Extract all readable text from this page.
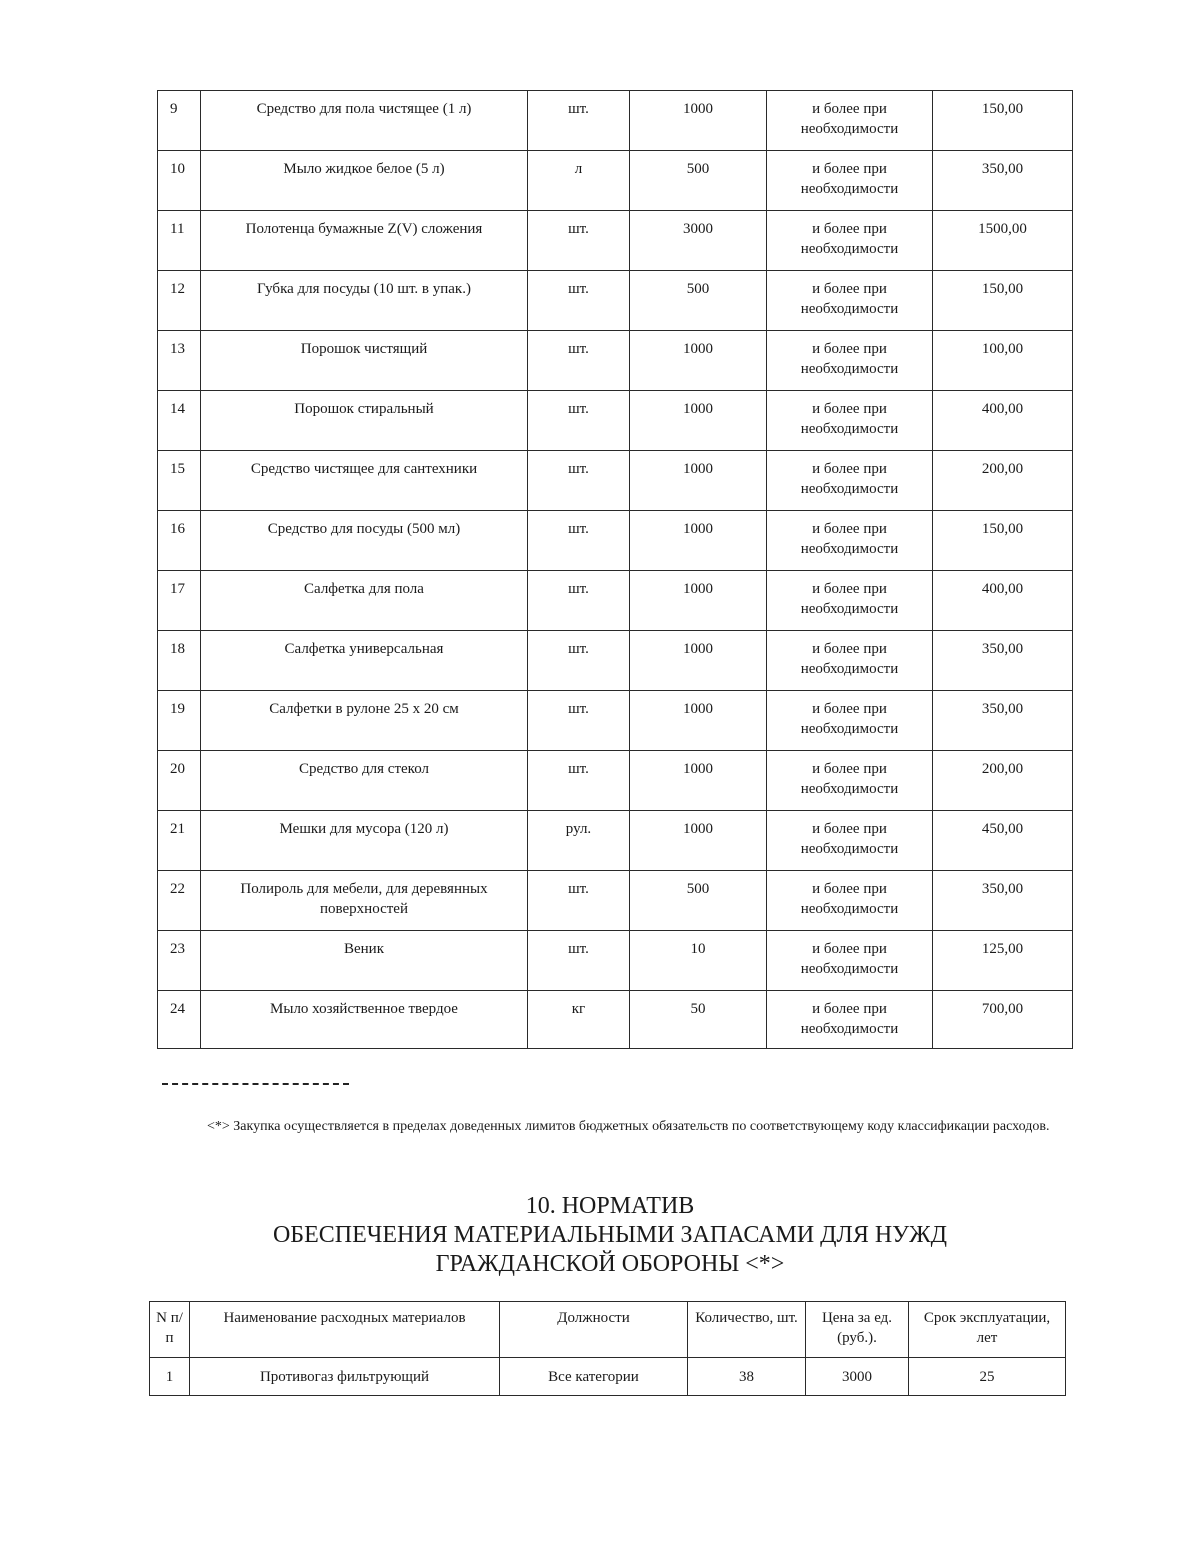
9	Средство для пола чистящее (1 л)	шт.	1000	и более при необходимости	150,00
10	Мыло жидкое белое (5 л)	л	500	и более при необходимости	350,00
11	Полотенца бумажные Z(V) сложения	шт.	3000	и более при необходимости	1500,00
12	Губка для посуды (10 шт. в упак.)	шт.	500	и более при необходимости	150,00
13	Порошок чистящий	шт.	1000	и более при необходимости	100,00
14	Порошок стиральный	шт.	1000	и более при необходимости	400,00
15	Средство чистящее для сантехники	шт.	1000	и более при необходимости	200,00
16	Средство для посуды (500 мл)	шт.	1000	и более при необходимости	150,00
17	Салфетка для пола	шт.	1000	и более при необходимости	400,00
18	Салфетка универсальная	шт.	1000	и более при необходимости	350,00
19	Салфетки в рулоне 25 х 20 см	шт.	1000	и более при необходимости	350,00
20	Средство для стекол	шт.	1000	и более при необходимости	200,00
21	Мешки для мусора (120 л)	рул.	1000	и более при необходимости	450,00
22	Полироль для мебели, для деревянных поверхностей	шт.	500	и более при необходимости	350,00
23	Веник	шт.	10	и более при необходимости	125,00
24	Мыло хозяйственное твердое	кг	50	и более при необходимости	700,00
<*> Закупка осуществляется в пределах доведенных лимитов бюджетных обязательств по соответствующему коду классификации расходов.
10. НОРМАТИВ
ОБЕСПЕЧЕНИЯ МАТЕРИАЛЬНЫМИ ЗАПАСАМИ ДЛЯ НУЖД
ГРАЖДАНСКОЙ ОБОРОНЫ <*>
N п/п	Наименование расходных материалов	Должности	Количество, шт.	Цена за ед. (руб.).	Срок эксплуатации, лет
1	Противогаз фильтрующий	Все категории	38	3000	25
